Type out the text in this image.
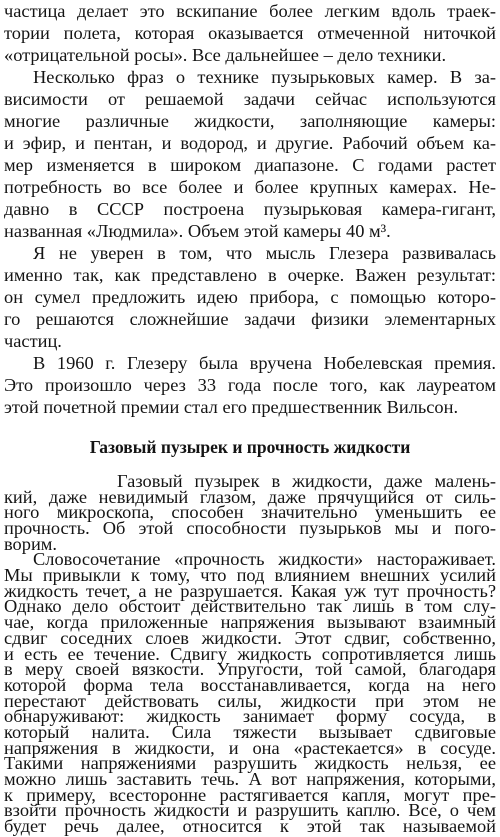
частица делает это вскипание более легким вдоль траек-
тории полета, которая оказывается отмеченной ниточкой
«отрицательной росы». Все дальнейшее – дело техники.
Несколько фраз о технике пузырьковых камер. В за-
висимости от решаемой задачи сейчас используются
многие различные жидкости, заполняющие камеры:
и эфир, и пентан, и водород, и другие. Рабочий объем ка-
мер изменяется в широком диапазоне. С годами растет
потребность во все более и более крупных камерах. Не-
давно в СССР построена пузырьковая камера-гигант,
названная «Людмила». Объем этой камеры 40 м³.
Я не уверен в том, что мысль Глезера развивалась
именно так, как представлено в очерке. Важен результат:
он сумел предложить идею прибора, с помощью которо-
го решаются сложнейшие задачи физики элементарных
частиц.
В 1960 г. Глезеру была вручена Нобелевская премия.
Это произошло через 33 года после того, как лауреатом
этой почетной премии стал его предшественник Вильсон.
Газовый пузырек и прочность жидкости
Газовый пузырек в жидкости, даже малень-
кий, даже невидимый глазом, даже прячущийся от силь-
ного микроскопа, способен значительно уменьшить ее
прочность. Об этой способности пузырьков мы и пого-
ворим.
Словосочетание «прочность жидкости» настораживает.
Мы привыкли к тому, что под влиянием внешних усилий
жидкость течет, а не разрушается. Какая уж тут прочность?
Однако дело обстоит действительно так лишь в том слу-
чае, когда приложенные напряжения вызывают взаимный
сдвиг соседних слоев жидкости. Этот сдвиг, собственно,
и есть ее течение. Сдвигу жидкость сопротивляется лишь
в меру своей вязкости. Упругости, той самой, благодаря
которой форма тела восстанавливается, когда на него
перестают действовать силы, жидкости при этом не
обнаруживают: жидкость занимает форму сосуда, в
который налита. Сила тяжести вызывает сдвиговые
напряжения в жидкости, и она «растекается» в сосуде.
Такими напряжениями разрушить жидкость нельзя, ее
можно лишь заставить течь. А вот напряжения, которыми,
к примеру, всесторонне растягивается капля, могут пре-
взойти прочность жидкости и разрушить каплю. Все, о чем
будет речь далее, относится к этой так называемой
